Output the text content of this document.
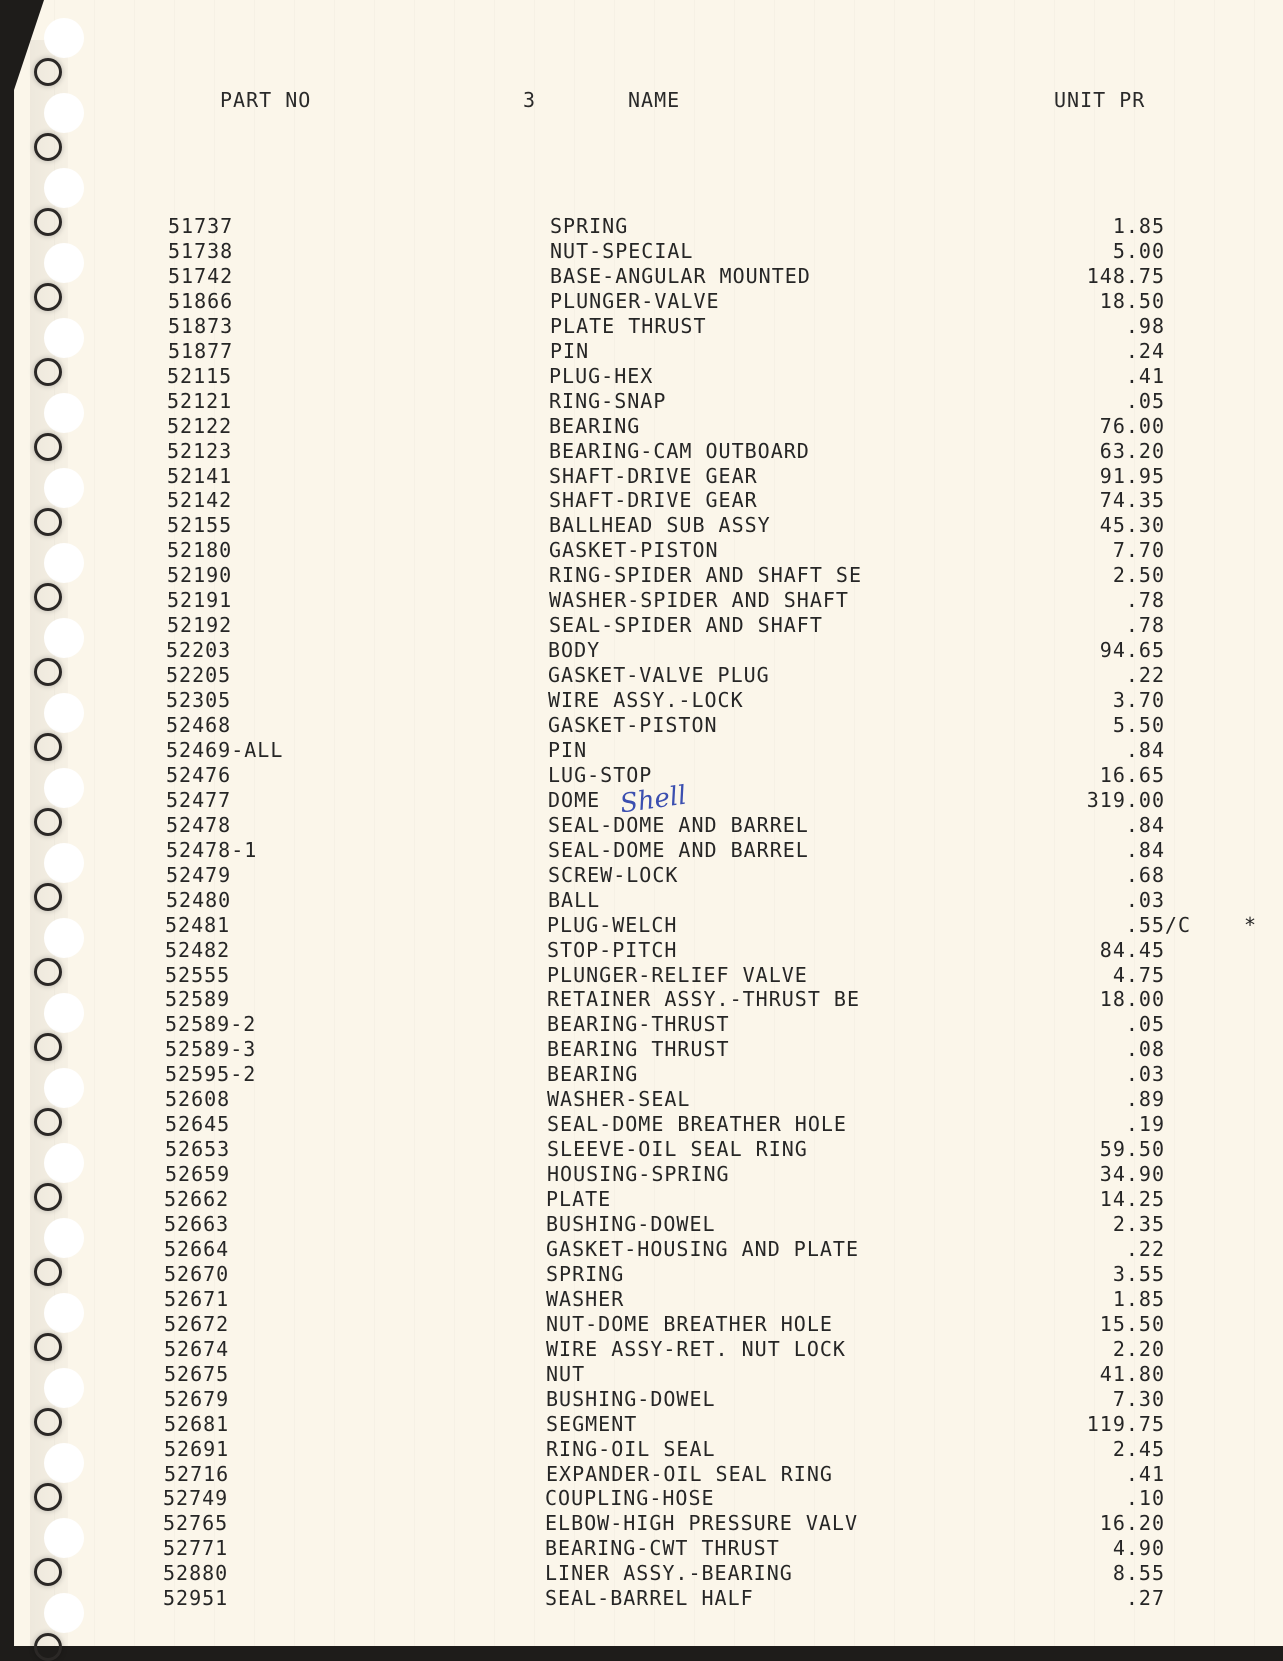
PART NO	3	NAME	UNIT PR
51737	SPRING	1.85
51738	NUT-SPECIAL	5.00
51742	BASE-ANGULAR MOUNTED	148.75
51866	PLUNGER-VALVE	18.50
51873	PLATE THRUST	.98
51877	PIN	.24
52115	PLUG-HEX	.41
52121	RING-SNAP	.05
52122	BEARING	76.00
52123	BEARING-CAM OUTBOARD	63.20
52141	SHAFT-DRIVE GEAR	91.95
52142	SHAFT-DRIVE GEAR	74.35
52155	BALLHEAD SUB ASSY	45.30
52180	GASKET-PISTON	7.70
52190	RING-SPIDER AND SHAFT SE	2.50
52191	WASHER-SPIDER AND SHAFT	.78
52192	SEAL-SPIDER AND SHAFT	.78
52203	BODY	94.65
52205	GASKET-VALVE PLUG	.22
52305	WIRE ASSY.-LOCK	3.70
52468	GASKET-PISTON	5.50
52469-ALL	PIN	.84
52476	LUG-STOP	16.65
52477	DOME	319.00
52478	SEAL-DOME AND BARREL	.84
52478-1	SEAL-DOME AND BARREL	.84
52479	SCREW-LOCK	.68
52480	BALL	.03
52481	PLUG-WELCH	.55/C	*
52482	STOP-PITCH	84.45
52555	PLUNGER-RELIEF VALVE	4.75
52589	RETAINER ASSY.-THRUST BE	18.00
52589-2	BEARING-THRUST	.05
52589-3	BEARING THRUST	.08
52595-2	BEARING	.03
52608	WASHER-SEAL	.89
52645	SEAL-DOME BREATHER HOLE	.19
52653	SLEEVE-OIL SEAL RING	59.50
52659	HOUSING-SPRING	34.90
52662	PLATE	14.25
52663	BUSHING-DOWEL	2.35
52664	GASKET-HOUSING AND PLATE	.22
52670	SPRING	3.55
52671	WASHER	1.85
52672	NUT-DOME BREATHER HOLE	15.50
52674	WIRE ASSY-RET. NUT LOCK	2.20
52675	NUT	41.80
52679	BUSHING-DOWEL	7.30
52681	SEGMENT	119.75
52691	RING-OIL SEAL	2.45
52716	EXPANDER-OIL SEAL RING	.41
52749	COUPLING-HOSE	.10
52765	ELBOW-HIGH PRESSURE VALV	16.20
52771	BEARING-CWT THRUST	4.90
52880	LINER ASSY.-BEARING	8.55
52951	SEAL-BARREL HALF	.27
Shell
